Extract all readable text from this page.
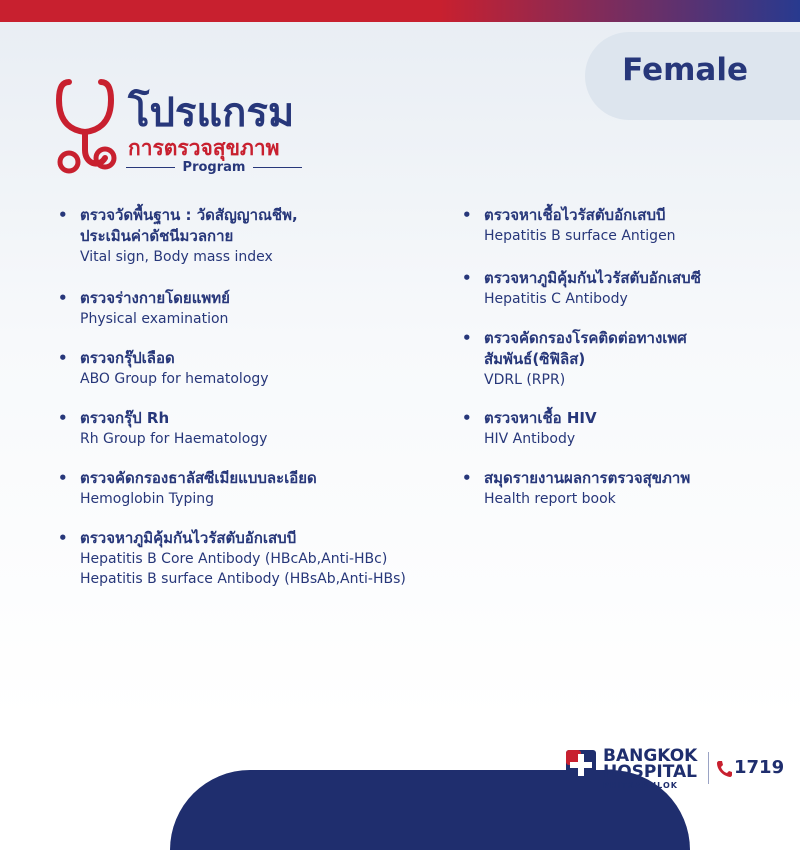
Female
โปรแกรม
การตรวจสุขภาพ
Program
• ตรวจวัดพื้นฐาน : วัดสัญญาณชีพ,
ประเมินค่าดัชนีมวลกาย
Vital sign, Body mass index
• ตรวจร่างกายโดยแพทย์
Physical examination
• ตรวจกรุ๊ปเลือด
ABO Group for hematology
• ตรวจกรุ๊ป Rh
Rh Group for Haematology
• ตรวจคัดกรองธาลัสซีเมียแบบละเอียด
Hemoglobin Typing
• ตรวจหาภูมิคุ้มกันไวรัสตับอักเสบบี
Hepatitis B Core Antibody (HBcAb,Anti-HBc)
Hepatitis B surface Antibody (HBsAb,Anti-HBs)
• ตรวจหาเชื้อไวรัสตับอักเสบบี
Hepatitis B surface Antigen
• ตรวจหาภูมิคุ้มกันไวรัสตับอักเสบซี
Hepatitis C Antibody
• ตรวจคัดกรองโรคติดต่อทางเพศ
สัมพันธ์(ซิฟิลิส)
VDRL (RPR)
• ตรวจหาเชื้อ HIV
HIV Antibody
• สมุดรายงานผลการตรวจสุขภาพ
Health report book
BANGKOK
HOSPITAL
PHITSANULOK
1719
